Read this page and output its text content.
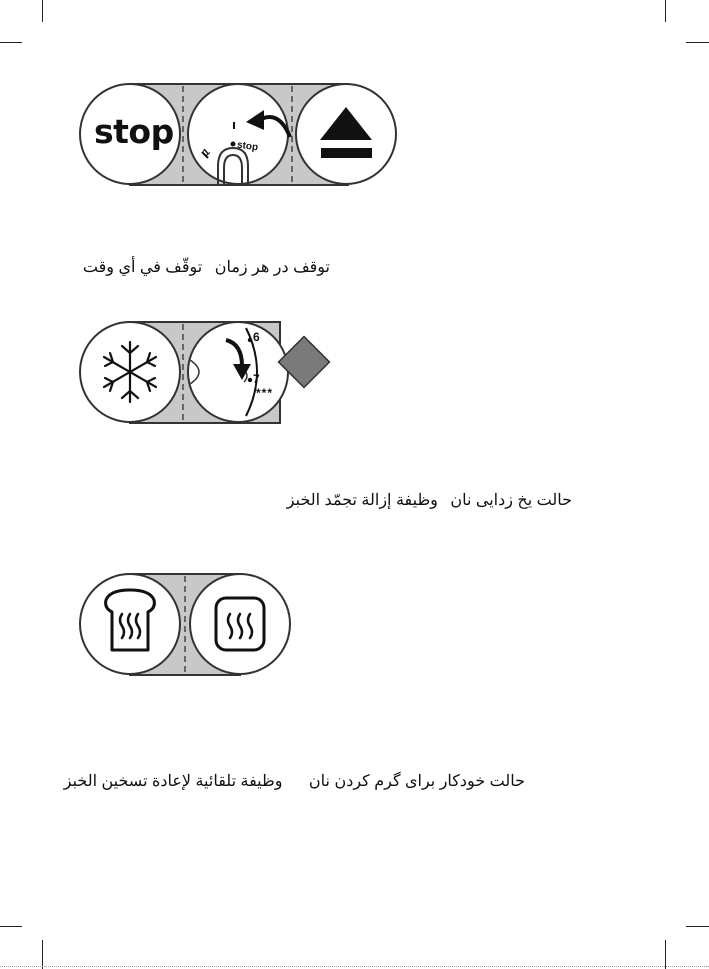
stop	stop
1
توقف در هر زمان توقّف في أي وقت
6
7
***
حالت یخ زدایی نان وظيفة إزالة تجمّد الخبز
حالت خودکار برای گرم کردن نان وظيفة تلقائية لإعادة تسخين الخبز
